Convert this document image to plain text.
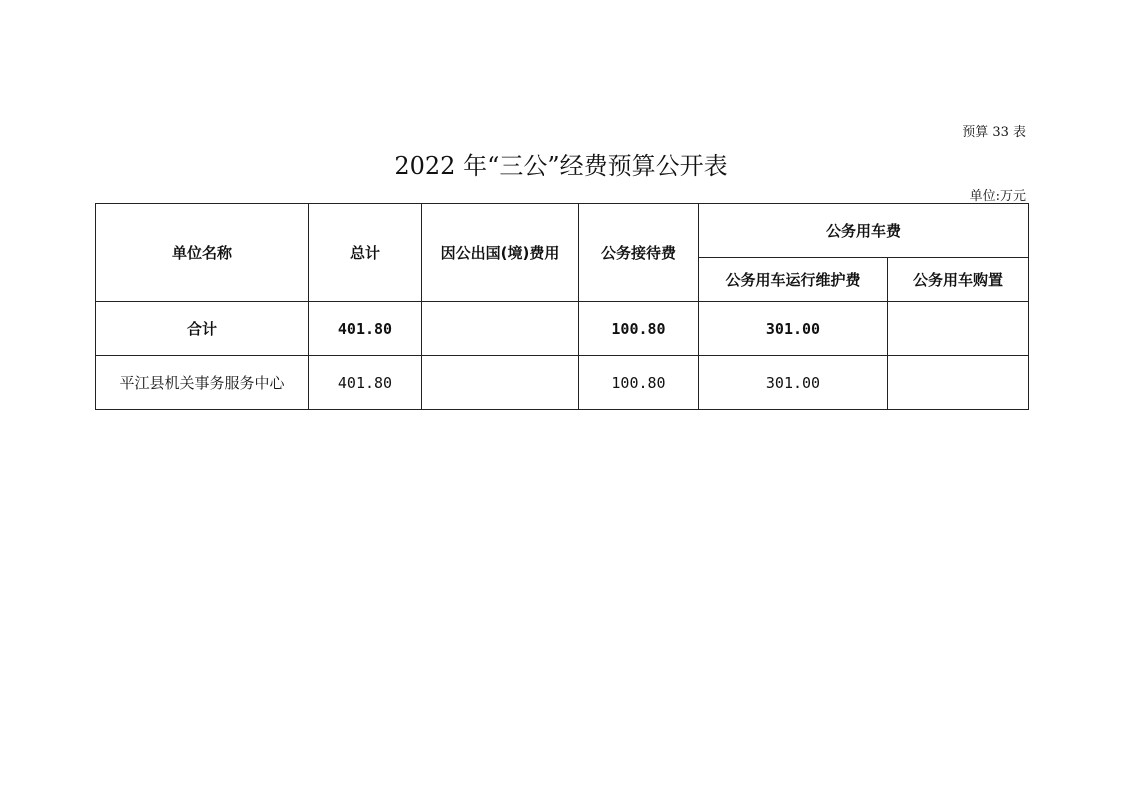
预算 33 表
2022 年“三公”经费预算公开表
单位:万元
单位名称	总计	因公出国(境)费用	公务接待费	公务用车费	
				公务用车运行维护费	公务用车购置
合计	401.80		100.80	301.00	
平江县机关事务服务中心	401.80		100.80	301.00	
